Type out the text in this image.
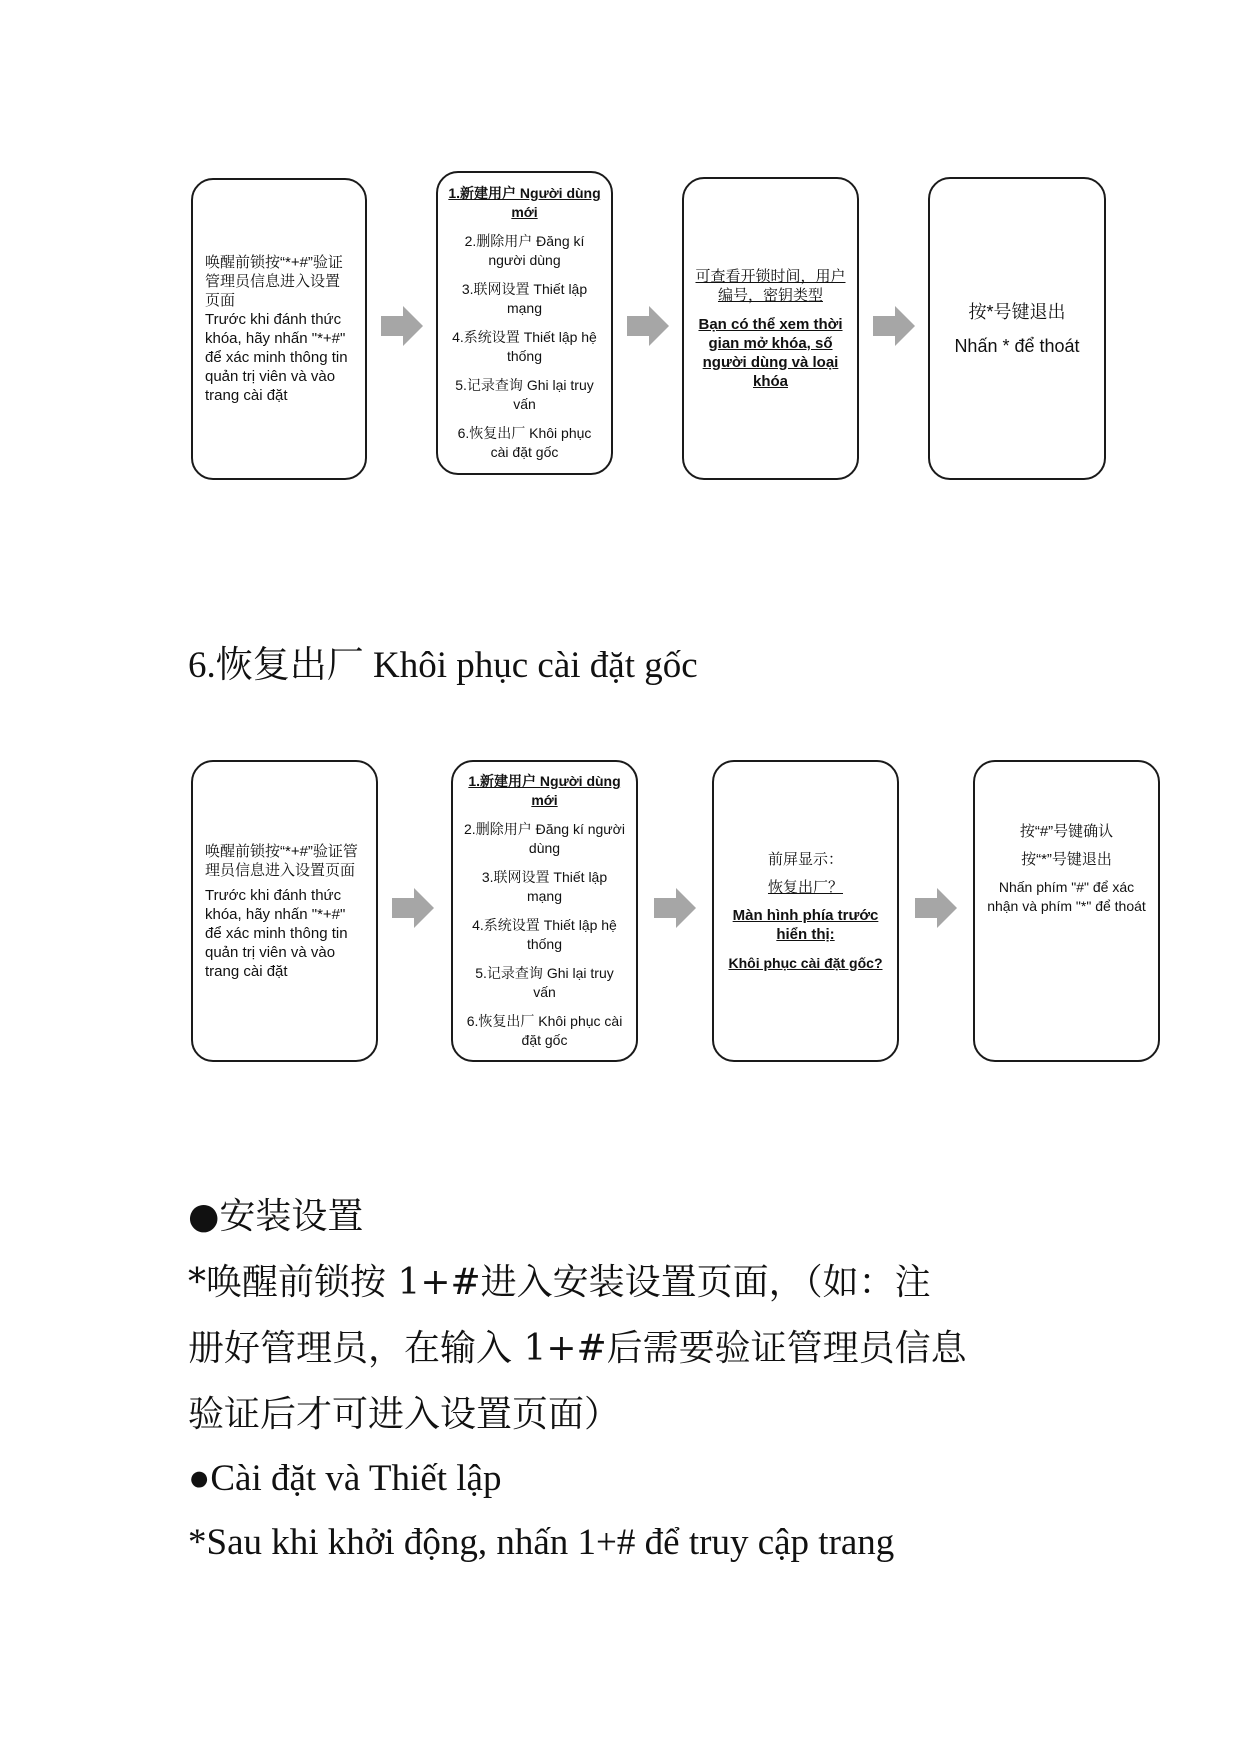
唤醒前锁按“*+#”验证管理员信息进入设置页面
Trước khi đánh thức khóa, hãy nhấn "*+#" để xác minh thông tin quản trị viên và vào trang cài đặt
1.新建用户 Người dùng mới
2.删除用户 Đăng kí người dùng
3.联网设置 Thiết lập mạng
4.系统设置 Thiết lập hệ thống
5.记录查询 Ghi lại truy vấn
6.恢复出厂 Khôi phục cài đặt gốc
可查看开锁时间，用户编号，密钥类型
Bạn có thể xem thời gian mở khóa, số người dùng và loại khóa
按*号键退出
Nhấn * để thoát
6.恢复出厂 Khôi phục cài đặt gốc
唤醒前锁按“*+#”验证管理员信息进入设置页面
Trước khi đánh thức khóa, hãy nhấn "*+#" để xác minh thông tin quản trị viên và vào trang cài đặt
1.新建用户 Người dùng mới
2.删除用户 Đăng kí người dùng
3.联网设置 Thiết lập mạng
4.系统设置 Thiết lập hệ thống
5.记录查询 Ghi lại truy vấn
6.恢复出厂 Khôi phục cài đặt gốc
前屏显示：
恢复出厂？
Màn hình phía trước hiển thị:
Khôi phục cài đặt gốc?
按“#”号键确认
按“*”号键退出
Nhấn phím "#" để xác nhận và phím "*" để thoát
●安装设置
*唤醒前锁按 1+#进入安装设置页面，（如：注
册好管理员，在输入 1+#后需要验证管理员信息
验证后才可进入设置页面）
●Cài đặt và Thiết lập
*Sau khi khởi động, nhấn 1+# để truy cập trang
